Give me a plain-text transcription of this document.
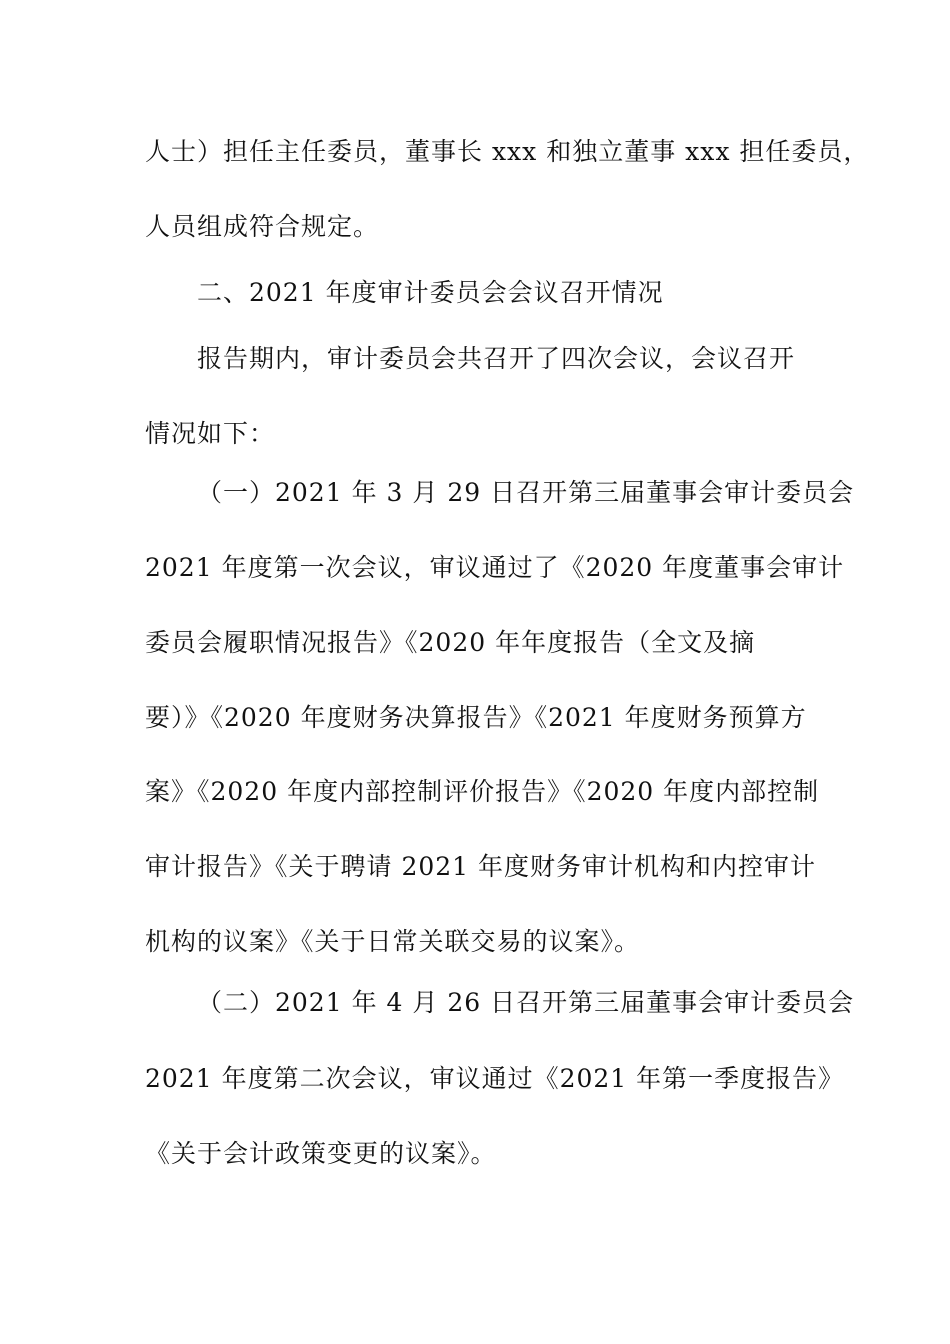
人士）担任主任委员，董事长 xxx 和独立董事 xxx 担任委员，
人员组成符合规定。
二、2021 年度审计委员会会议召开情况
报告期内，审计委员会共召开了四次会议，会议召开
情况如下：
（一）2021 年 3 月 29 日召开第三届董事会审计委员会
2021 年度第一次会议，审议通过了《2020 年度董事会审计
委员会履职情况报告》《2020 年年度报告（全文及摘
要）》《2020 年度财务决算报告》《2021 年度财务预算方
案》《2020 年度内部控制评价报告》《2020 年度内部控制
审计报告》《关于聘请 2021 年度财务审计机构和内控审计
机构的议案》《关于日常关联交易的议案》。
（二）2021 年 4 月 26 日召开第三届董事会审计委员会
2021 年度第二次会议，审议通过《2021 年第一季度报告》
《关于会计政策变更的议案》。
